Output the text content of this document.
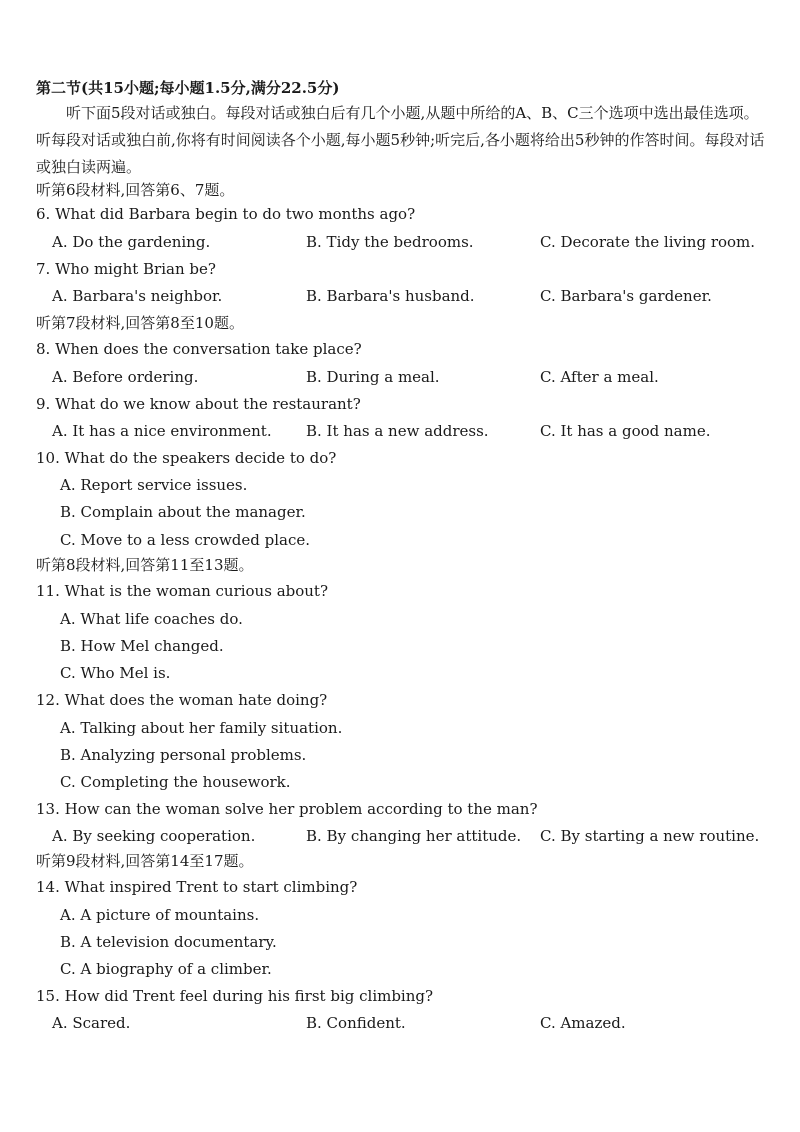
第二节(共15小题;每小题1.5分,满分22.5分)
听下面5段对话或独白。每段对话或独白后有几个小题,从题中所给的A、B、C三个选项中选出最佳选项。听每段对话或独白前,你将有时间阅读各个小题,每小题5秒钟;听完后,各小题将给出5秒钟的作答时间。每段对话或独白读两遍。
听第6段材料,回答第6、7题。
6. What did Barbara begin to do two months ago?
A. Do the gardening.	B. Tidy the bedrooms.	C. Decorate the living room.
7. Who might Brian be?
A. Barbara's neighbor.	B. Barbara's husband.	C. Barbara's gardener.
听第7段材料,回答第8至10题。
8. When does the conversation take place?
A. Before ordering.	B. During a meal.	C. After a meal.
9. What do we know about the restaurant?
A. It has a nice environment. B. It has a new address.	C. It has a good name.
10. What do the speakers decide to do?
A. Report service issues.
B. Complain about the manager.
C. Move to a less crowded place.
听第8段材料,回答第11至13题。
11. What is the woman curious about?
A. What life coaches do.
B. How Mel changed.
C. Who Mel is.
12. What does the woman hate doing?
A. Talking about her family situation.
B. Analyzing personal problems.
C. Completing the housework.
13. How can the woman solve her problem according to the man?
A. By seeking cooperation.	B. By changing her attitude. C. By starting a new routine.
听第9段材料,回答第14至17题。
14. What inspired Trent to start climbing?
A. A picture of mountains.
B. A television documentary.
C. A biography of a climber.
15. How did Trent feel during his first big climbing?
A. Scared.	B. Confident.	C. Amazed.
